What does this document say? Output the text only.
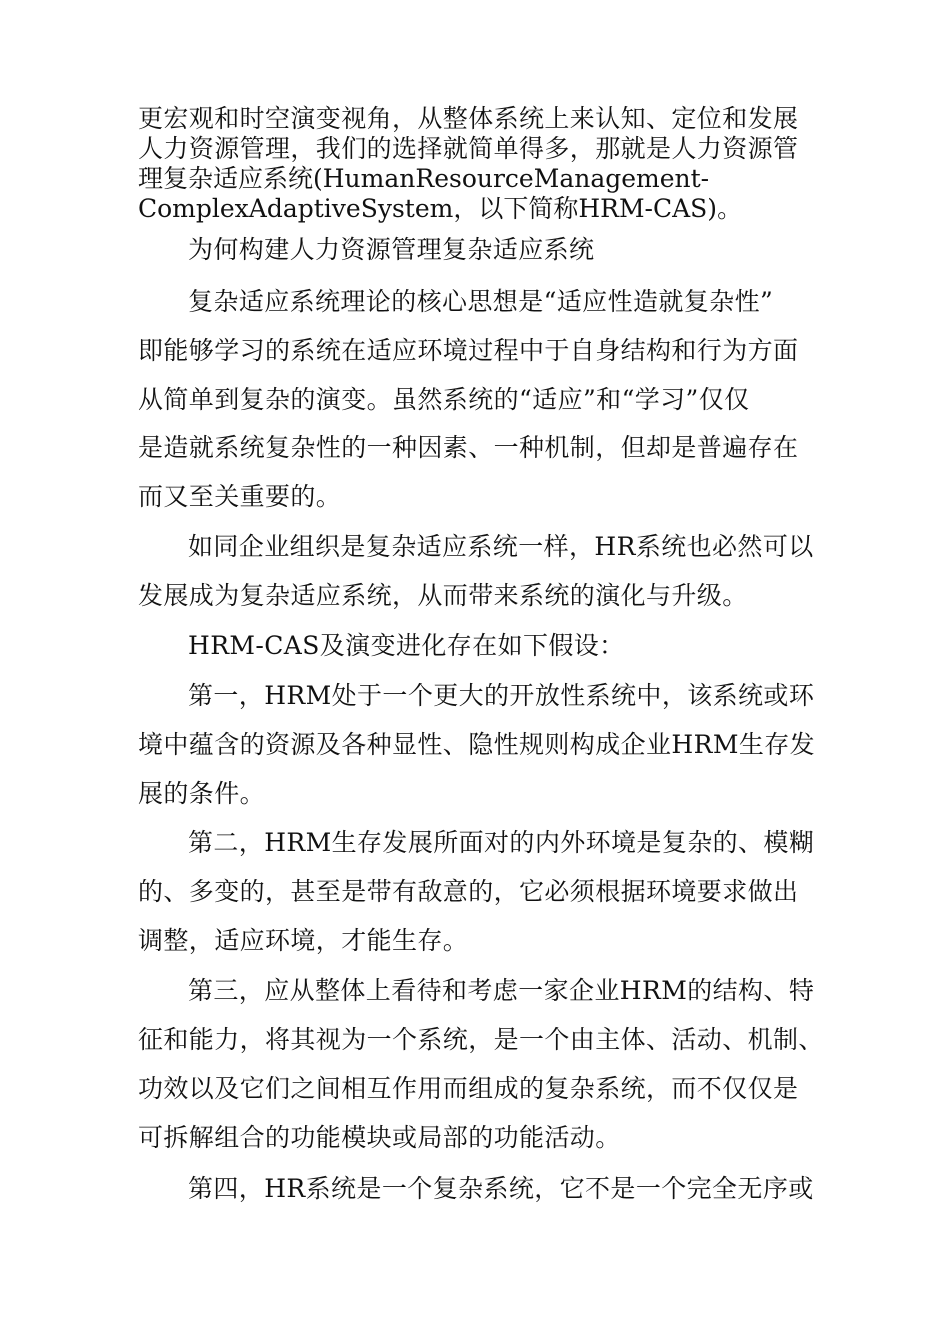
更宏观和时空演变视角，从整体系统上来认知、定位和发展
人力资源管理，我们的选择就简单得多，那就是人力资源管
理复杂适应系统(HumanResourceManagement-
ComplexAdaptiveSystem，以下简称HRM-CAS)。
为何构建人力资源管理复杂适应系统
复杂适应系统理论的核心思想是“适应性造就复杂性”
即能够学习的系统在适应环境过程中于自身结构和行为方面
从简单到复杂的演变。虽然系统的“适应”和“学习”仅仅
是造就系统复杂性的一种因素、一种机制，但却是普遍存在
而又至关重要的。
如同企业组织是复杂适应系统一样，HR系统也必然可以
发展成为复杂适应系统，从而带来系统的演化与升级。
HRM-CAS及演变进化存在如下假设：
第一，HRM处于一个更大的开放性系统中，该系统或环
境中蕴含的资源及各种显性、隐性规则构成企业HRM生存发
展的条件。
第二，HRM生存发展所面对的内外环境是复杂的、模糊
的、多变的，甚至是带有敌意的，它必须根据环境要求做出
调整，适应环境，才能生存。
第三，应从整体上看待和考虑一家企业HRM的结构、特
征和能力，将其视为一个系统，是一个由主体、活动、机制、
功效以及它们之间相互作用而组成的复杂系统，而不仅仅是
可拆解组合的功能模块或局部的功能活动。
第四，HR系统是一个复杂系统，它不是一个完全无序或
